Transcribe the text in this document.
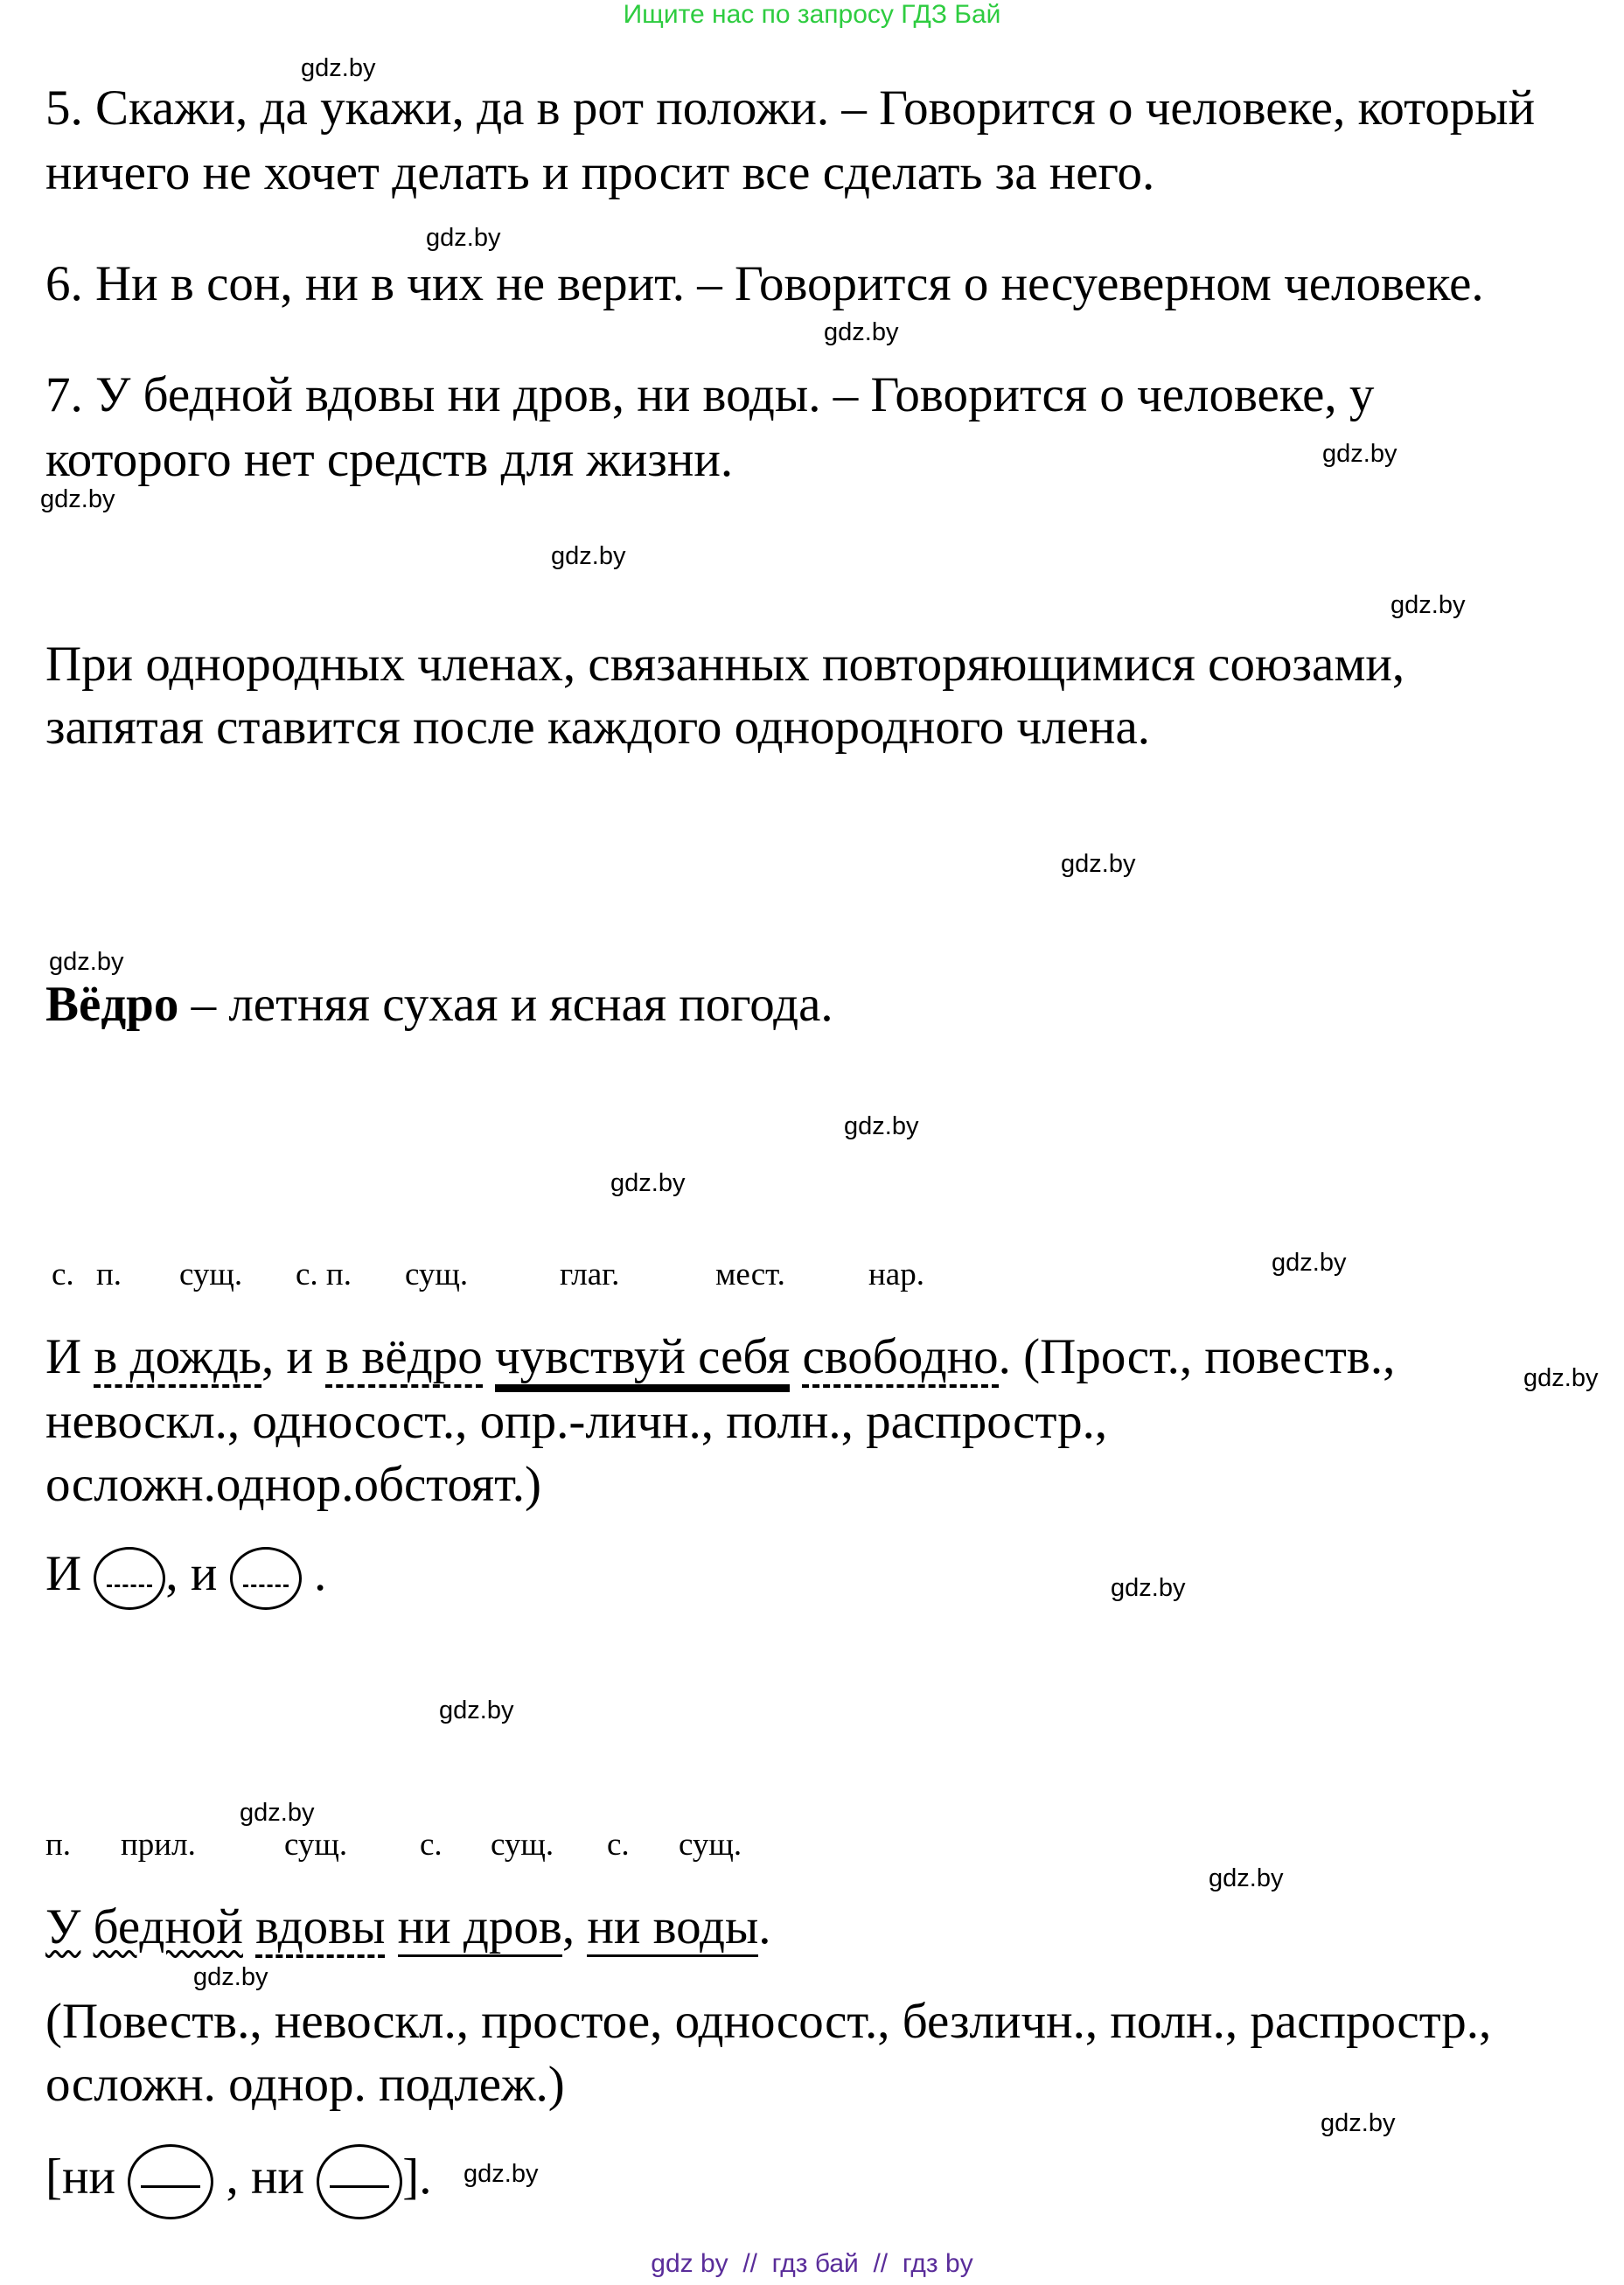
Ищите нас по запросу ГДЗ Бай
gdz.by
gdz.by
gdz.by
gdz.by
gdz.by
gdz.by
gdz.by
gdz.by
gdz.by
gdz.by
gdz.by
gdz.by
gdz.by
gdz.by
gdz.by
gdz.by
gdz.by
gdz.by
gdz.by
gdz.by
5. Скажи, да укажи, да в рот положи. – Говорится о человеке, который
ничего не хочет делать и просит все сделать за него.
6. Ни в сон, ни в чих не верит. – Говорится о несуеверном человеке.
7. У бедной вдовы ни дров, ни воды. – Говорится о человеке, у
которого нет средств для жизни.
При однородных членах, связанных повторяющимися союзами,
запятая ставится после каждого однородного члена.
Вёдро – летняя сухая и ясная погода.
с. п. сущ. с. п. сущ.	глаг.	мест.	нар.
И в дождь, и в вёдро чувствуй себя свободно. (Прост., повеств.,
невоскл., односост., опр.-личн., полн., распростр.,
осложн.однор.обстоят.)
И , и .
п. прил.	сущ. с. сущ. с. сущ.
У бедной вдовы ни дров, ни воды.
(Повеств., невоскл., простое, односост., безличн., полн., распростр.,
осложн. однор. подлеж.)
[ни , ни ].
gdz by  //  гдз бай  //  гдз by
